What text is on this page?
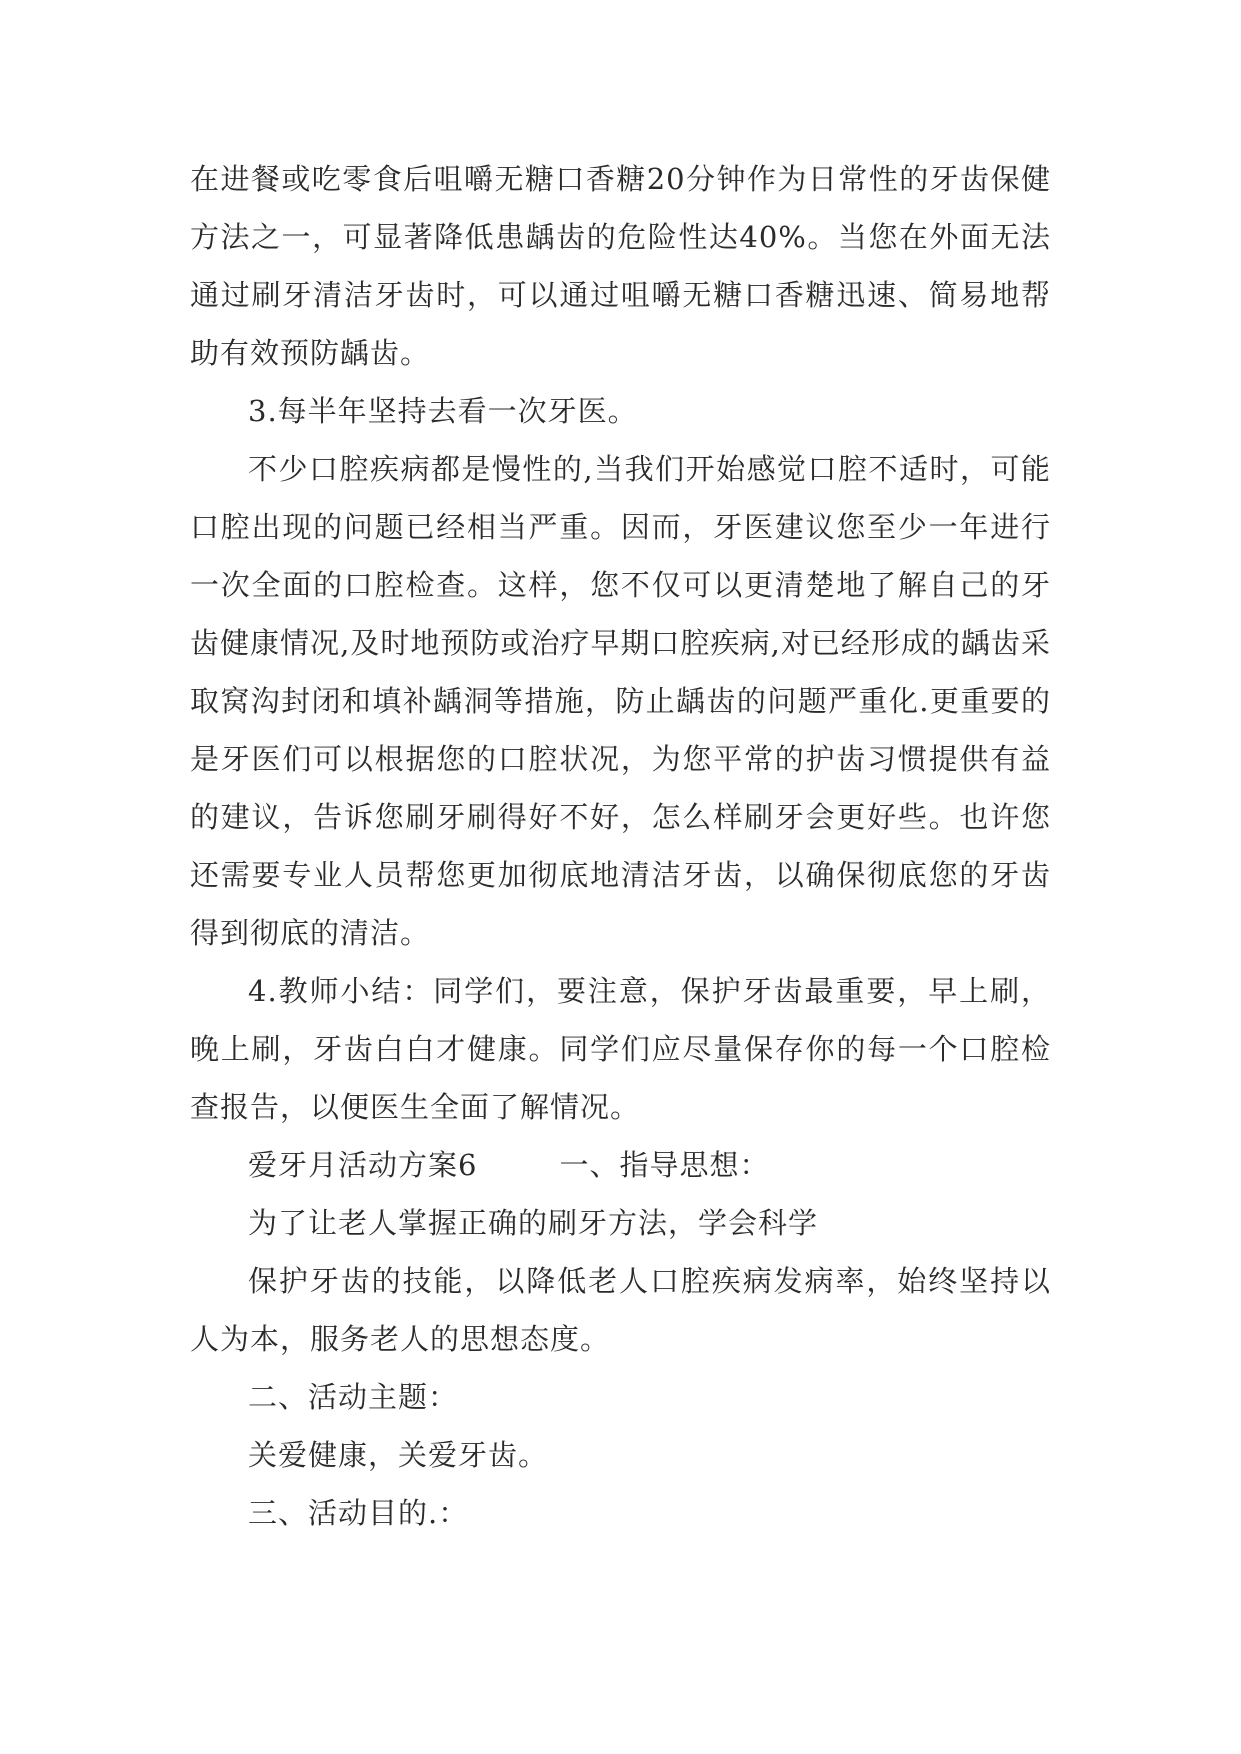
在进餐或吃零食后咀嚼无糖口香糖20分钟作为日常性的牙齿保健方法之一，可显著降低患龋齿的危险性达40%。当您在外面无法通过刷牙清洁牙齿时，可以通过咀嚼无糖口香糖迅速、简易地帮助有效预防龋齿。

3.每半年坚持去看一次牙医。

不少口腔疾病都是慢性的,当我们开始感觉口腔不适时，可能口腔出现的问题已经相当严重。因而，牙医建议您至少一年进行一次全面的口腔检查。这样，您不仅可以更清楚地了解自己的牙齿健康情况,及时地预防或治疗早期口腔疾病,对已经形成的龋齿采取窝沟封闭和填补龋洞等措施，防止龋齿的问题严重化.更重要的是牙医们可以根据您的口腔状况，为您平常的护齿习惯提供有益的建议，告诉您刷牙刷得好不好，怎么样刷牙会更好些。也许您还需要专业人员帮您更加彻底地清洁牙齿，以确保彻底您的牙齿得到彻底的清洁。

4.教师小结：同学们，要注意，保护牙齿最重要，早上刷，晚上刷，牙齿白白才健康。同学们应尽量保存你的每一个口腔检查报告，以便医生全面了解情况。

爱牙月活动方案6	一、指导思想：

为了让老人掌握正确的刷牙方法，学会科学

保护牙齿的技能，以降低老人口腔疾病发病率，始终坚持以人为本，服务老人的思想态度。

二、活动主题：

关爱健康，关爱牙齿。

三、活动目的.：
